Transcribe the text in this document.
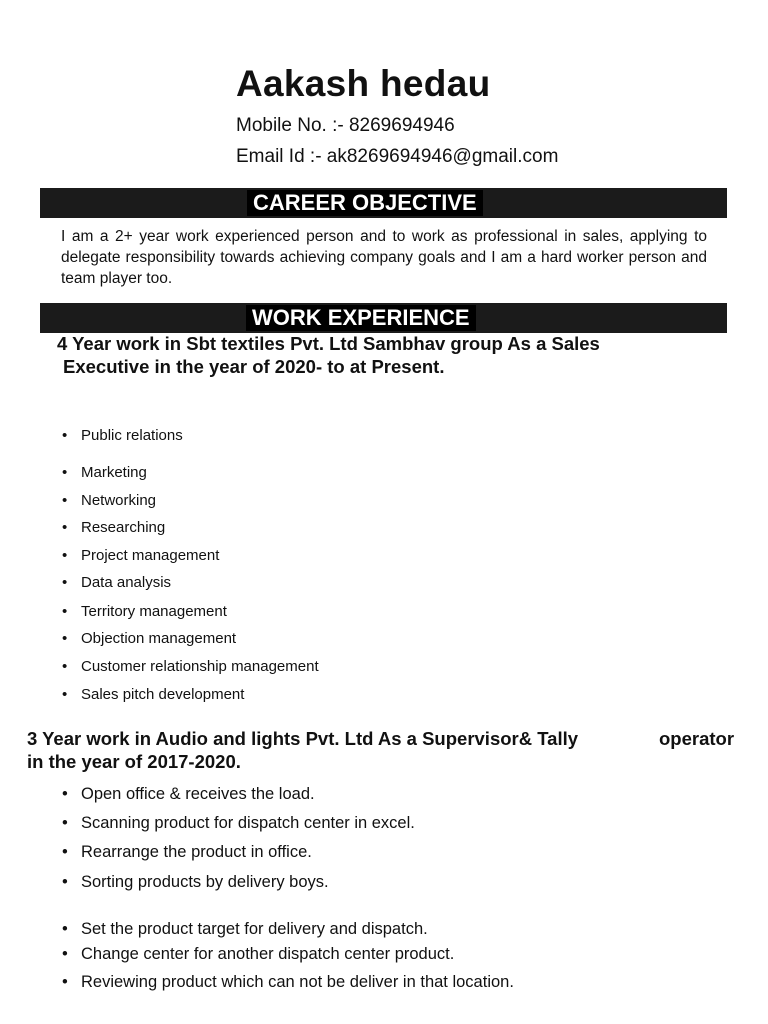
Aakash hedau
Mobile No. :- 8269694946
Email Id :- ak8269694946@gmail.com
CAREER OBJECTIVE

I am a 2+ year work experienced person and to work as professional in sales, applying to delegate responsibility towards achieving company goals and I am a hard worker person and team player too.

WORK EXPERIENCE
4 Year work in Sbt textiles Pvt. Ltd Sambhav group As a Sales
Executive in the year of 2020- to at Present.
• Public relations
• Marketing
• Networking
• Researching
• Project management
• Data analysis
• Territory management
• Objection management
• Customer relationship management
• Sales pitch development
3 Year work in Audio and lights Pvt. Ltd As a Supervisor& Tally	operator
in the year of 2017-2020.
• Open office & receives the load.
• Scanning product for dispatch center in excel.
• Rearrange the product in office.
• Sorting products by delivery boys.
• Set the product target for delivery and dispatch.
• Change center for another dispatch center product.
• Reviewing product which can not be deliver in that location.
